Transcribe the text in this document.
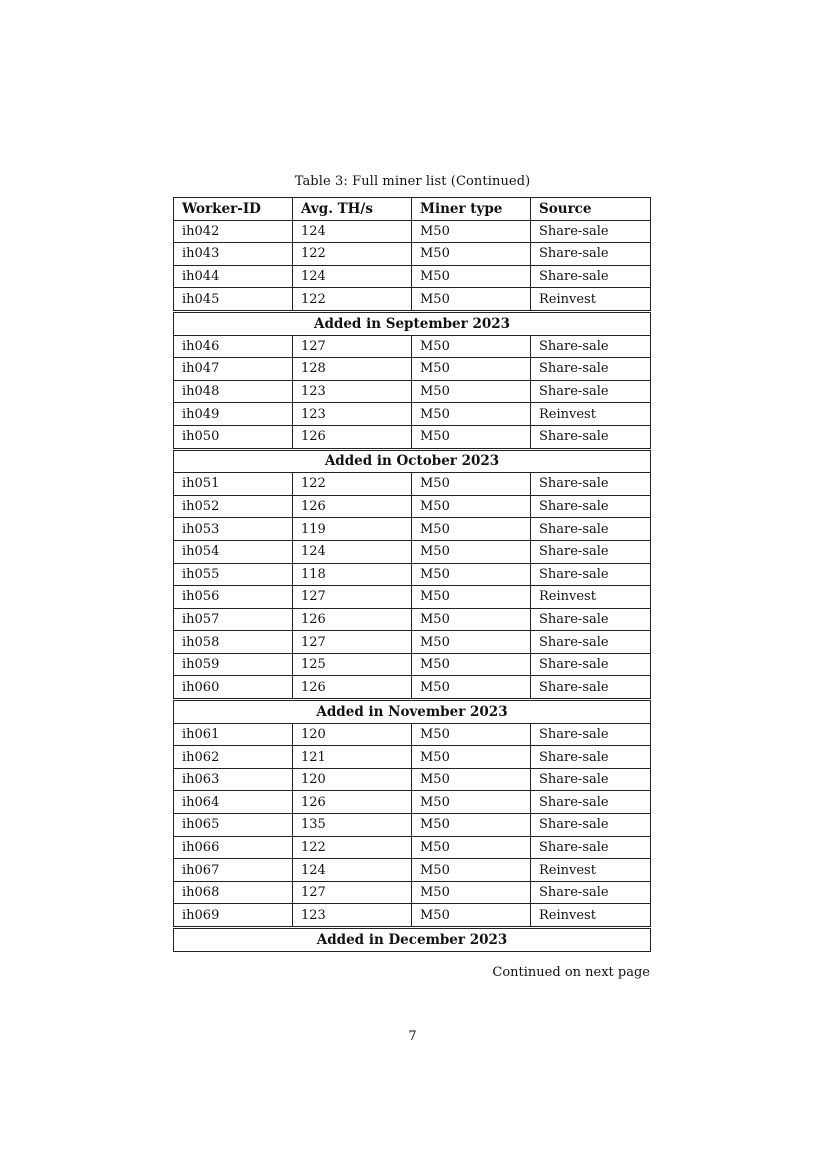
Table 3: Full miner list (Continued)
Worker-ID	Avg. TH/s	Miner type	Source
ih042	124	M50	Share-sale
ih043	122	M50	Share-sale
ih044	124	M50	Share-sale
ih045	122	M50	Reinvest

Added in September 2023			
ih046	127	M50	Share-sale
ih047	128	M50	Share-sale
ih048	123	M50	Share-sale
ih049	123	M50	Reinvest
ih050	126	M50	Share-sale

Added in October 2023			
ih051	122	M50	Share-sale
ih052	126	M50	Share-sale
ih053	119	M50	Share-sale
ih054	124	M50	Share-sale
ih055	118	M50	Share-sale
ih056	127	M50	Reinvest
ih057	126	M50	Share-sale
ih058	127	M50	Share-sale
ih059	125	M50	Share-sale
ih060	126	M50	Share-sale

Added in November 2023			
ih061	120	M50	Share-sale
ih062	121	M50	Share-sale
ih063	120	M50	Share-sale
ih064	126	M50	Share-sale
ih065	135	M50	Share-sale
ih066	122	M50	Share-sale
ih067	124	M50	Reinvest
ih068	127	M50	Share-sale
ih069	123	M50	Reinvest

Added in December 2023			
Continued on next page
7
